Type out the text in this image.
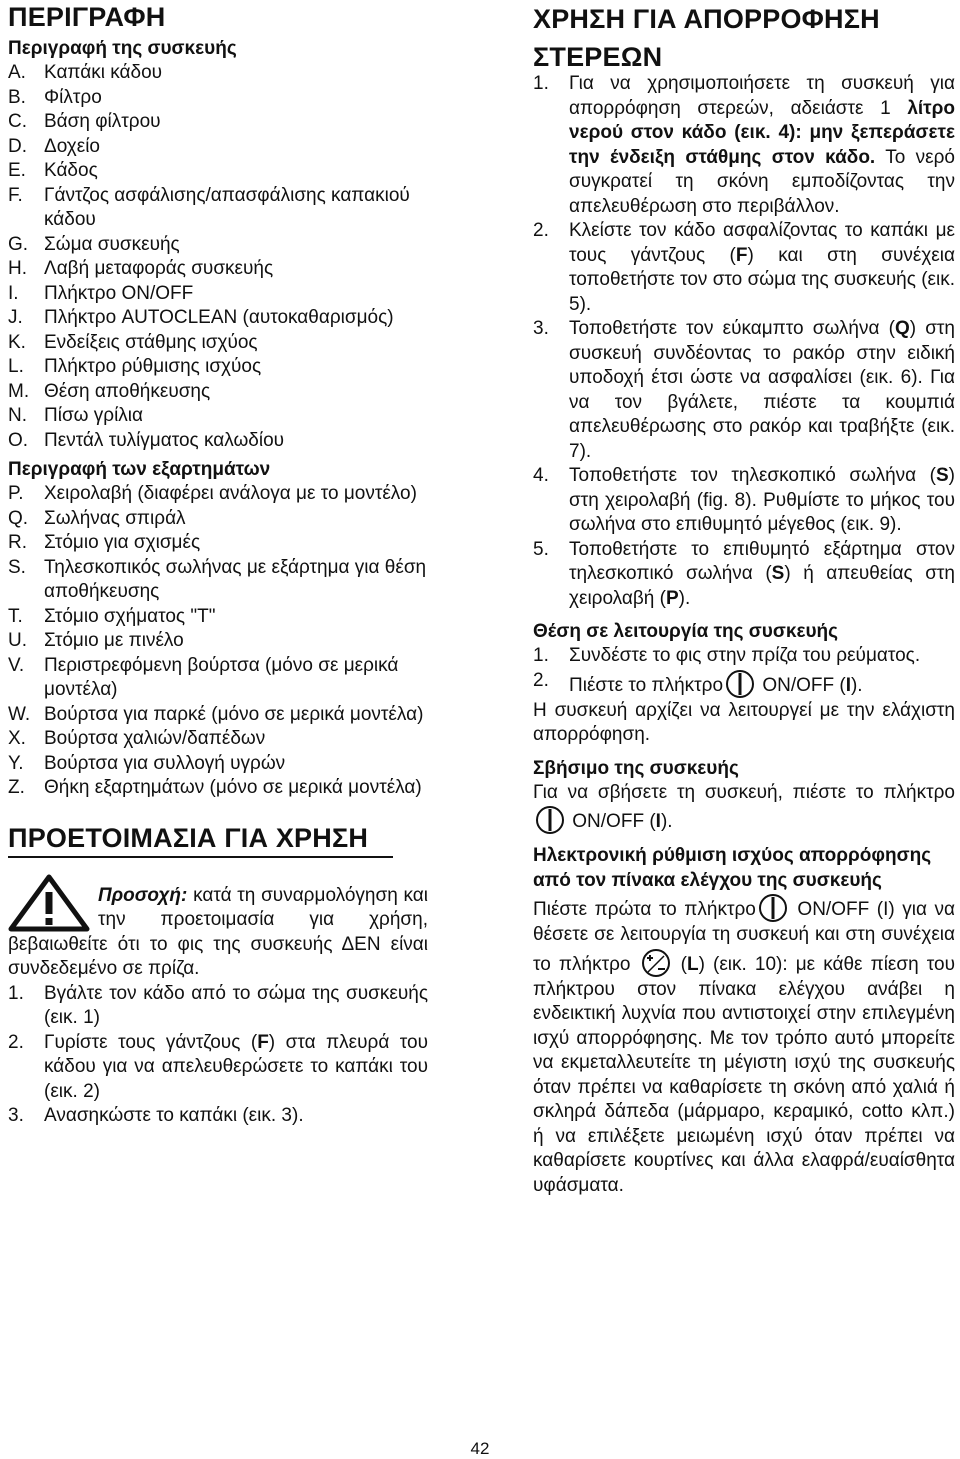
ΠΕΡΙΓΡΑΦΗ
Περιγραφή της συσκευής
A. Καπάκι κάδου
B. Φίλτρο
C. Βάση φίλτρου
D. Δοχείο
E. Κάδος
F. Γάντζος ασφάλισης/απασφάλισης καπακιού κάδου
G. Σώμα συσκευής
H. Λαβή μεταφοράς συσκευής
I. Πλήκτρο ON/OFF
J. Πλήκτρο AUTOCLEAN (αυτοκαθαρισμός)
K. Ενδείξεις στάθμης ισχύος
L. Πλήκτρο ρύθμισης ισχύος
M. Θέση αποθήκευσης
N. Πίσω γρίλια
O. Πεντάλ τυλίγματος καλωδίου
Περιγραφή των εξαρτημάτων
P. Χειρολαβή (διαφέρει ανάλογα με το μοντέλο)
Q. Σωλήνας σπιράλ
R. Στόμιο για σχισμές
S. Τηλεσκοπικός σωλήνας με εξάρτημα για θέση αποθήκευσης
T. Στόμιο σχήματος "T"
U. Στόμιο με πινέλο
V. Περιστρεφόμενη βούρτσα (μόνο σε μερικά μοντέλα)
W. Βούρτσα για παρκέ (μόνο σε μερικά μοντέλα)
X. Βούρτσα χαλιών/δαπέδων
Y. Βούρτσα για συλλογή υγρών
Z. Θήκη εξαρτημάτων (μόνο σε μερικά μοντέλα)
ΠΡΟΕΤΟΙΜΑΣΙΑ ΓΙΑ ΧΡΗΣΗ

Προσοχή: κατά τη συναρμολόγηση και την προετοιμασία για χρήση, βεβαιωθείτε ότι το φις της συσκευής ΔΕΝ είναι συνδεδεμένο σε πρίζα.

1. Βγάλτε τον κάδο από το σώμα της συσκευής (εικ. 1)
2. Γυρίστε τους γάντζους (F) στα πλευρά του κάδου για να απελευθερώσετε το καπάκι του (εικ. 2)
3. Ανασηκώστε το καπάκι (εικ. 3).
ΧΡΗΣΗ ΓΙΑ ΑΠΟΡΡΟΦΗΣΗ ΣΤΕΡΕΩΝ
1. Για να χρησιμοποιήσετε τη συσκευή για απορρόφηση στερεών, αδειάστε 1 λίτρο νερού στον κάδο (εικ. 4): μην ξεπεράσετε την ένδειξη στάθμης στον κάδο. Το νερό συγκρατεί τη σκόνη εμποδίζοντας την απελευθέρωση στο περιβάλλον.
2. Κλείστε τον κάδο ασφαλίζοντας το καπάκι με τους γάντζους (F) και στη συνέχεια τοποθετήστε τον στο σώμα της συσκευής (εικ. 5).
3. Τοποθετήστε τον εύκαμπτο σωλήνα (Q) στη συσκευή συνδέοντας το ρακόρ στην ειδική υποδοχή έτσι ώστε να ασφαλίσει (εικ. 6). Για να τον βγάλετε, πιέστε τα κουμπιά απελευθέρωσης στο ρακόρ και τραβήξτε (εικ. 7).
4. Τοποθετήστε τον τηλεσκοπικό σωλήνα (S) στη χειρολαβή (fig. 8). Ρυθμίστε το μήκος του σωλήνα στο επιθυμητό μέγεθος (εικ. 9).
5. Τοποθετήστε το επιθυμητό εξάρτημα στον τηλεσκοπικό σωλήνα (S) ή απευθείας στη χειρολαβή (P).
Θέση σε λειτουργία της συσκευής
1. Συνδέστε το φις στην πρίζα του ρεύματος.
2. Πιέστε το πλήκτρο ON/OFF (I).

Η συσκευή αρχίζει να λειτουργεί με την ελάχιστη απορρόφηση.

Σβήσιμο της συσκευής

Για να σβήσετε τη συσκευή, πιέστε το πλήκτρο ON/OFF (I).

Ηλεκτρονική ρύθμιση ισχύος απορρόφησης από τον πίνακα ελέγχου της συσκευής

Πιέστε πρώτα το πλήκτρο ON/OFF (I) για να θέσετε σε λειτουργία τη συσκευή και στη συνέχεια το πλήκτρο  (L) (εικ. 10): με κάθε πίεση του πλήκτρου στον πίνακα ελέγχου ανάβει η ενδεικτική λυχνία που αντιστοιχεί στην επιλεγμένη ισχύ απορρόφησης. Με τον τρόπο αυτό μπορείτε να εκμεταλλευτείτε τη μέγιστη ισχύ της συσκευής όταν πρέπει να καθαρίσετε τη σκόνη από χαλιά ή σκληρά δάπεδα (μάρμαρο, κεραμικό, cotto κλπ.) ή να επιλέξετε μειωμένη ισχύ όταν πρέπει να καθαρίσετε κουρτίνες και άλλα ελαφρά/ευαίσθητα υφάσματα.

42
